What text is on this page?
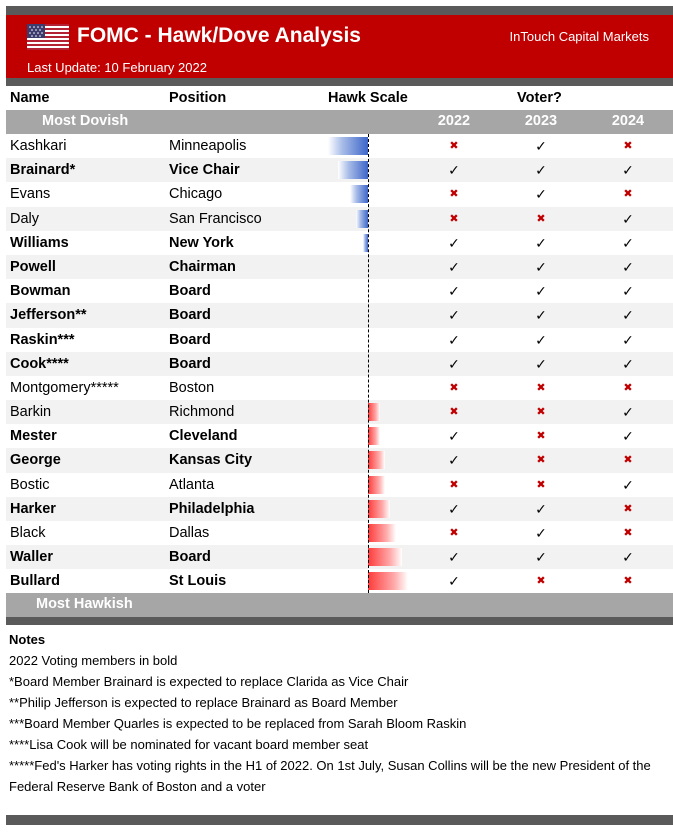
FOMC - Hawk/Dove Analysis	InTouch Capital Markets
Last Update: 10 February 2022
Name	Position	Hawk Scale	Voter?
Most Dovish	2022	2023	2024
Kashkari	Minneapolis	✖	✓	✖
Brainard*	Vice Chair	✓	✓	✓
Evans	Chicago	✖	✓	✖
Daly	San Francisco	✖	✖	✓
Williams	New York	✓	✓	✓
Powell	Chairman	✓	✓	✓
Bowman	Board	✓	✓	✓
Jefferson**	Board	✓	✓	✓
Raskin***	Board	✓	✓	✓
Cook****	Board	✓	✓	✓
Montgomery*****	Boston	✖	✖	✖
Barkin	Richmond	✖	✖	✓
Mester	Cleveland	✓	✖	✓
George	Kansas City	✓	✖	✖
Bostic	Atlanta	✖	✖	✓
Harker	Philadelphia	✓	✓	✖
Black	Dallas	✖	✓	✖
Waller	Board	✓	✓	✓
Bullard	St Louis	✓	✖	✖
Most Hawkish
Notes
2022 Voting members in bold
*Board Member Brainard is expected to replace Clarida as Vice Chair
**Philip Jefferson is expected to replace Brainard as Board Member
***Board Member Quarles is expected to be replaced from Sarah Bloom Raskin
****Lisa Cook will be nominated for vacant board member seat
*****Fed's Harker has voting rights in the H1 of 2022. On 1st July, Susan Collins will be the new President of the Federal Reserve Bank of Boston and a voter
